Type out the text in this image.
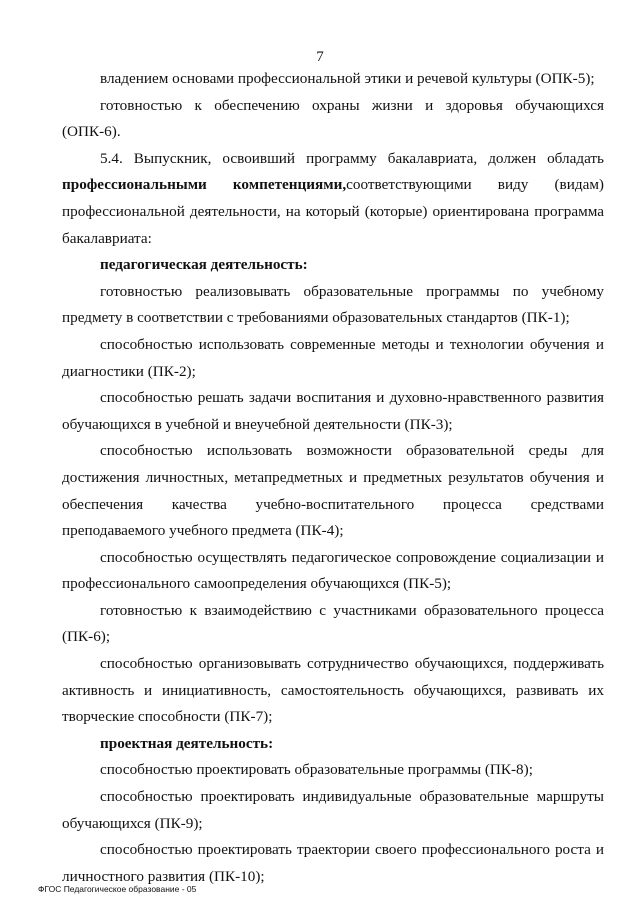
7

владением основами профессиональной этики и речевой культуры (ОПК-5);

готовностью к обеспечению охраны жизни и здоровья обучающихся (ОПК-6).

5.4. Выпускник, освоивший программу бакалавриата, должен обладать профессиональными компетенциями,соответствующими виду (видам) профессиональной деятельности, на который (которые) ориентирована программа бакалавриата:

педагогическая деятельность:

готовностью реализовывать образовательные программы по учебному предмету в соответствии с требованиями образовательных стандартов (ПК-1);

способностью использовать современные методы и технологии обучения и диагностики (ПК-2);

способностью решать задачи воспитания и духовно-нравственного развития обучающихся в учебной и внеучебной деятельности (ПК-3);

способностью использовать возможности образовательной среды для достижения личностных, метапредметных и предметных результатов обучения и обеспечения качества учебно-воспитательного процесса средствами преподаваемого учебного предмета (ПК-4);

способностью осуществлять педагогическое сопровождение социализации и профессионального самоопределения обучающихся (ПК-5);

готовностью к взаимодействию с участниками образовательного процесса (ПК-6);

способностью организовывать сотрудничество обучающихся, поддерживать активность и инициативность, самостоятельность обучающихся, развивать их творческие способности (ПК-7);

проектная деятельность:

способностью проектировать образовательные программы (ПК-8);

способностью проектировать индивидуальные образовательные маршруты обучающихся (ПК-9);

способностью проектировать траектории своего профессионального роста и личностного развития (ПК-10);

ФГОС Педагогическое образование - 05
